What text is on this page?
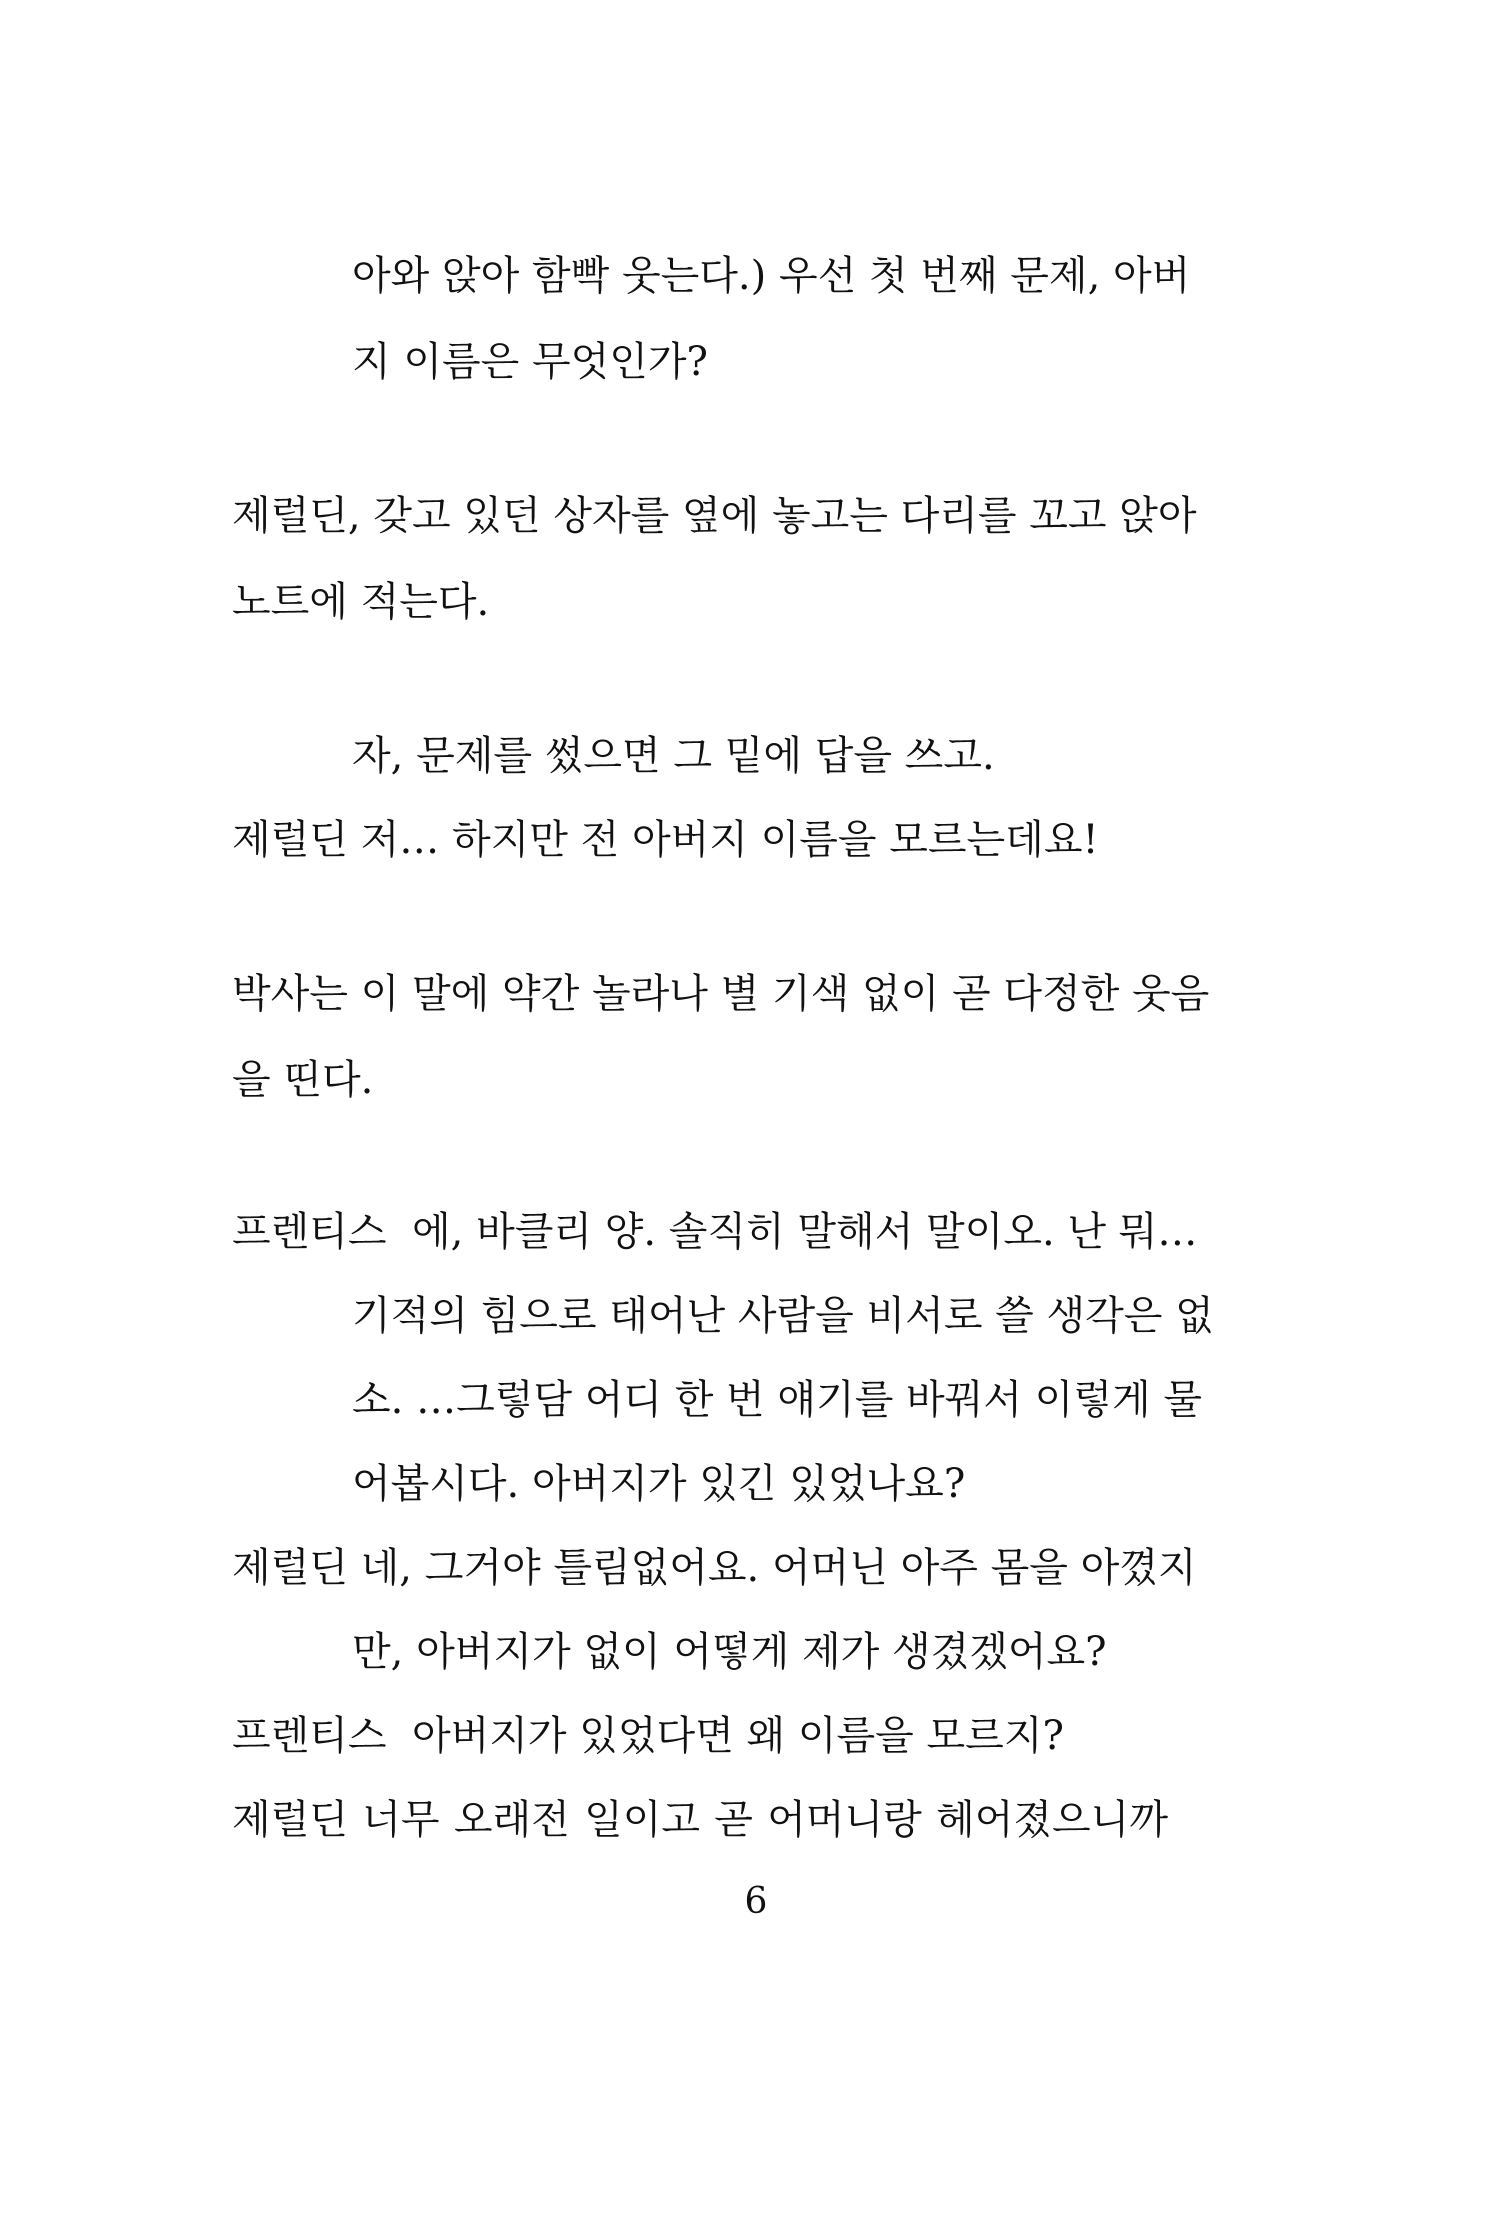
아와 앉아 함빡 웃는다.) 우선 첫 번째 문제, 아버
지 이름은 무엇인가?
제럴딘, 갖고 있던 상자를 옆에 놓고는 다리를 꼬고 앉아
노트에 적는다.
자, 문제를 썼으면 그 밑에 답을 쓰고.
제럴딘 저… 하지만 전 아버지 이름을 모르는데요!
박사는 이 말에 약간 놀라나 별 기색 없이 곧 다정한 웃음
을 띤다.
프렌티스 에, 바클리 양. 솔직히 말해서 말이오. 난 뭐…
기적의 힘으로 태어난 사람을 비서로 쓸 생각은 없
소. …그렇담 어디 한 번 얘기를 바꿔서 이렇게 물
어봅시다. 아버지가 있긴 있었나요?
제럴딘 네, 그거야 틀림없어요. 어머닌 아주 몸을 아꼈지
만, 아버지가 없이 어떻게 제가 생겼겠어요?
프렌티스 아버지가 있었다면 왜 이름을 모르지?
제럴딘 너무 오래전 일이고 곧 어머니랑 헤어졌으니까
6
